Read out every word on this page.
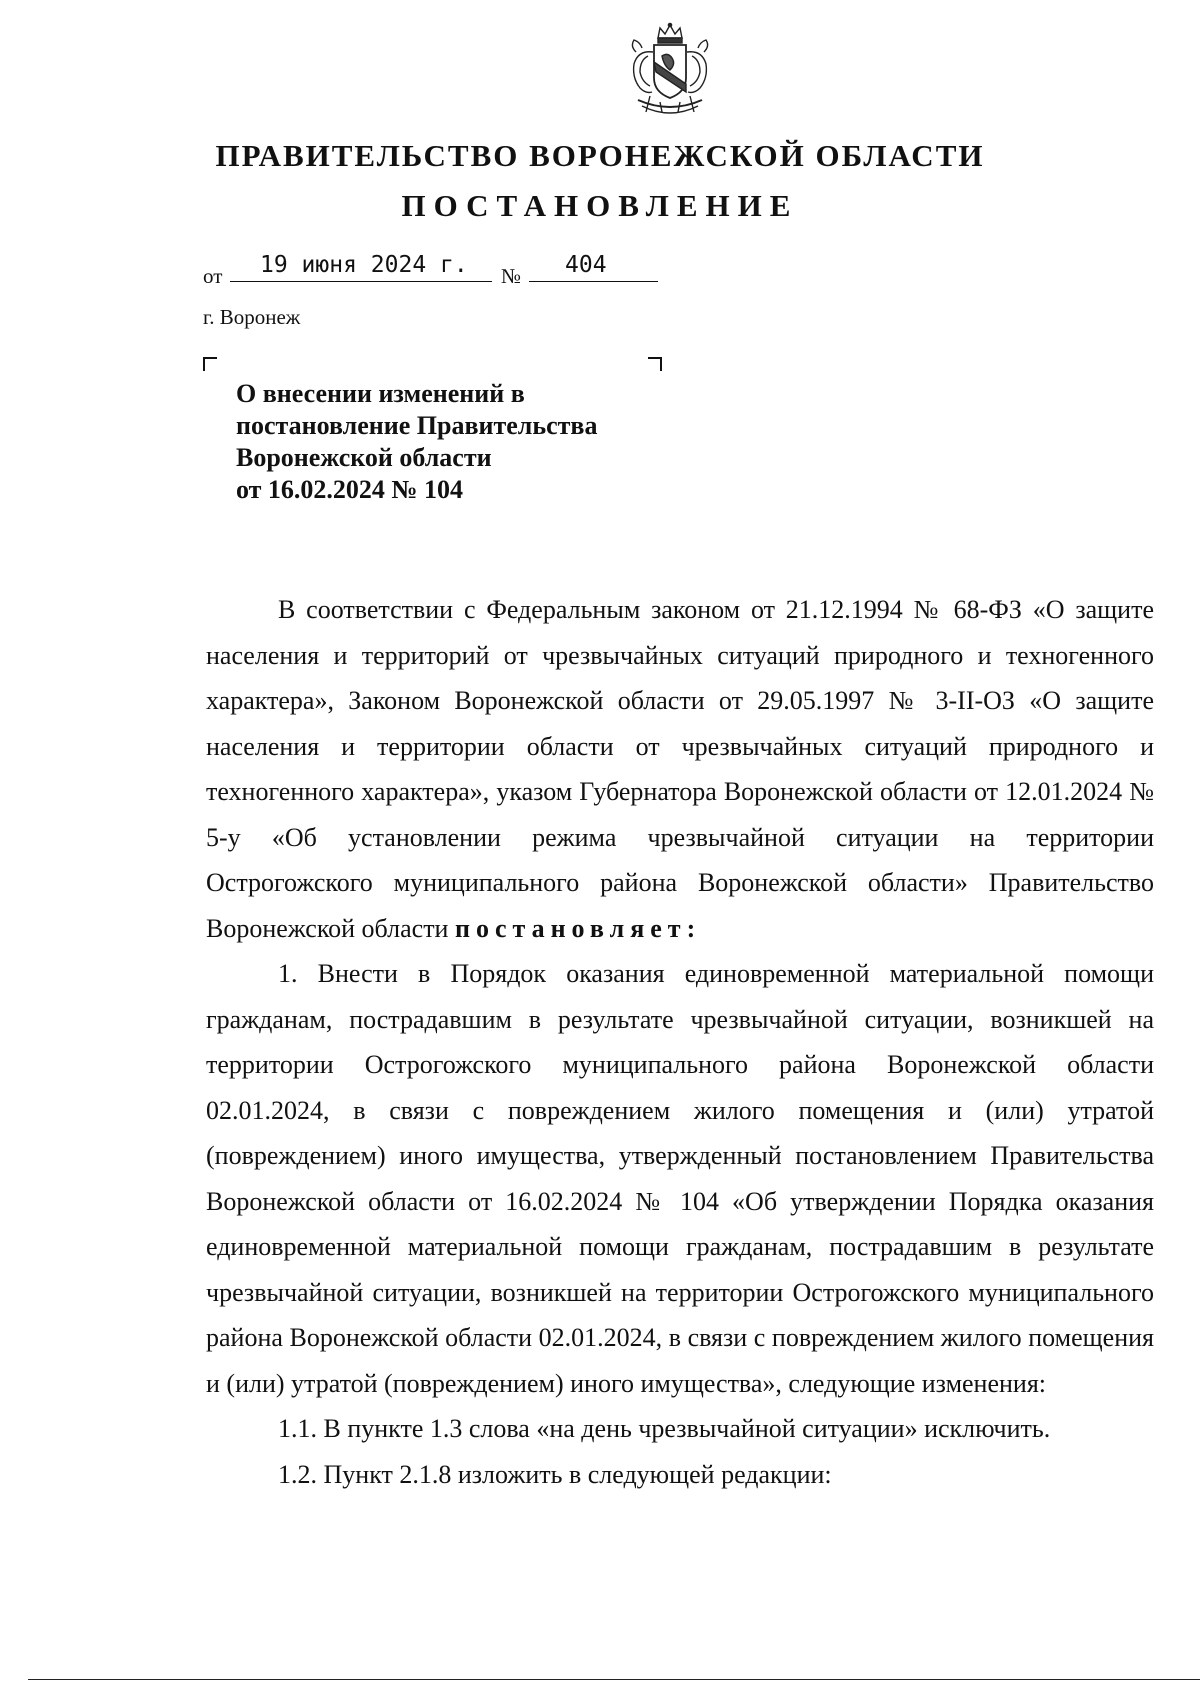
ПРАВИТЕЛЬСТВО ВОРОНЕЖСКОЙ ОБЛАСТИ
ПОСТАНОВЛЕНИЕ
от	19 июня 2024 г.	№	404
г. Воронеж
О внесении изменений в
постановление Правительства
Воронежской области
от 16.02.2024 № 104

В соответствии с Федеральным законом от 21.12.1994 № 68-ФЗ «О защите населения и территорий от чрезвычайных ситуаций природного и техногенного характера», Законом Воронежской области от 29.05.1997 № 3-II-ОЗ «О защите населения и территории области от чрезвычайных ситуаций природного и техногенного характера», указом Губернатора Воронежской области от 12.01.2024 № 5-у «Об установлении режима чрезвычайной ситуации на территории Острогожского муниципального района Воронежской области» Правительство Воронежской области постановляет:

1. Внести в Порядок оказания единовременной материальной помощи гражданам, пострадавшим в результате чрезвычайной ситуации, возникшей на территории Острогожского муниципального района Воронежской области 02.01.2024, в связи с повреждением жилого помещения и (или) утратой (повреждением) иного имущества, утвержденный постановлением Правительства Воронежской области от 16.02.2024 № 104 «Об утверждении Порядка оказания единовременной материальной помощи гражданам, пострадавшим в результате чрезвычайной ситуации, возникшей на территории Острогожского муниципального района Воронежской области 02.01.2024, в связи с повреждением жилого помещения и (или) утратой (повреждением) иного имущества», следующие изменения:

1.1. В пункте 1.3 слова «на день чрезвычайной ситуации» исключить.

1.2. Пункт 2.1.8 изложить в следующей редакции:
